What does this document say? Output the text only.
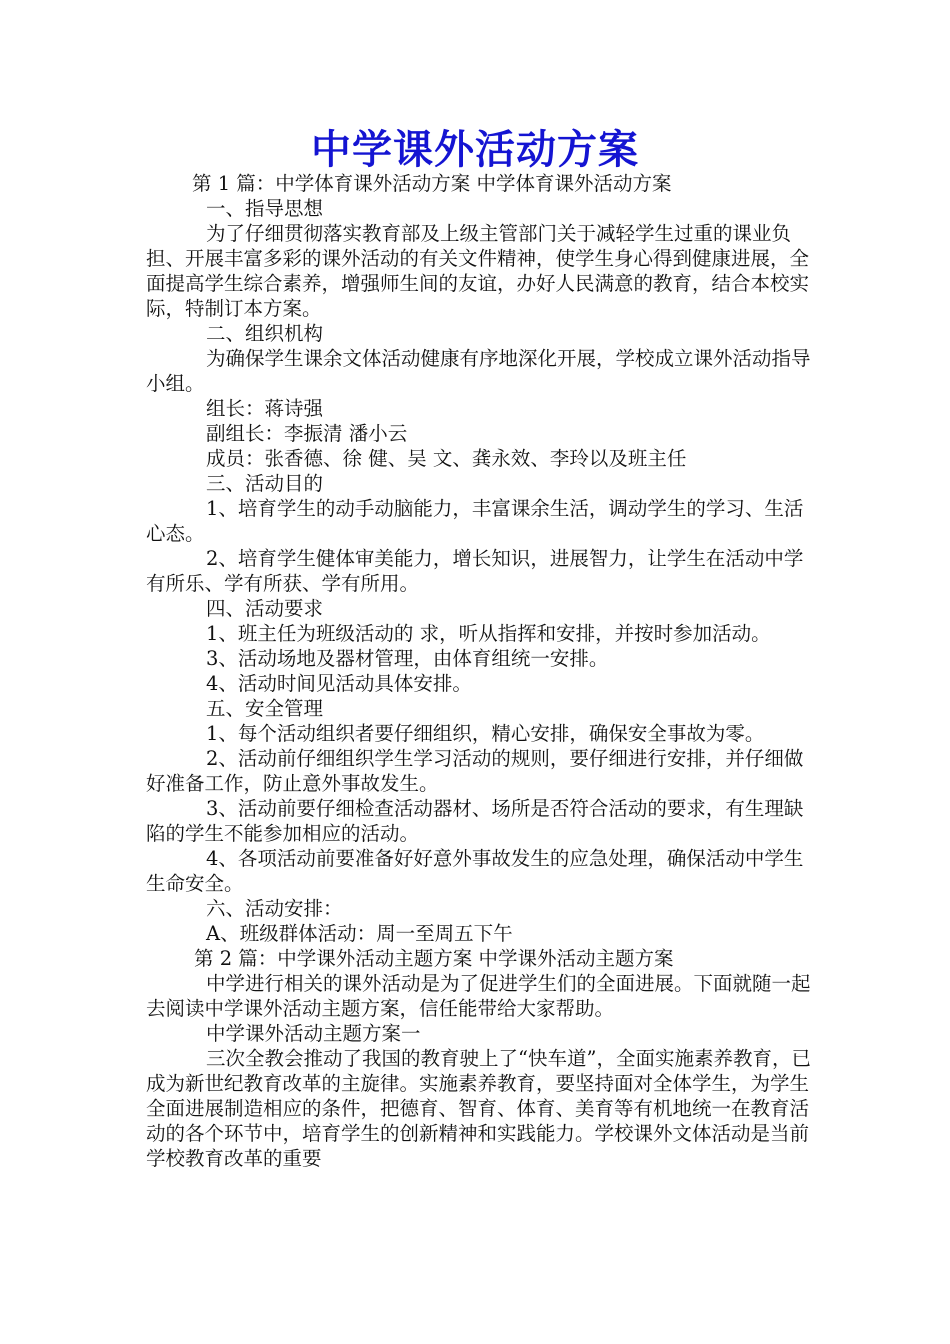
中学课外活动方案

第 1 篇：中学体育课外活动方案 中学体育课外活动方案

一、指导思想

为了仔细贯彻落实教育部及上级主管部门关于减轻学生过重的课业负担、开展丰富多彩的课外活动的有关文件精神，使学生身心得到健康进展，全面提高学生综合素养，增强师生间的友谊，办好人民满意的教育，结合本校实际，特制订本方案。

二、组织机构

为确保学生课余文体活动健康有序地深化开展，学校成立课外活动指导小组。

组长：蒋诗强

副组长：李振清 潘小云

成员：张香德、徐 健、吴 文、龚永效、李玲以及班主任

三、活动目的

1、培育学生的动手动脑能力，丰富课余生活，调动学生的学习、生活心态。

2、培育学生健体审美能力，增长知识，进展智力，让学生在活动中学有所乐、学有所获、学有所用。

四、活动要求

1、班主任为班级活动的 求，听从指挥和安排，并按时参加活动。

3、活动场地及器材管理，由体育组统一安排。

4、活动时间见活动具体安排。

五、安全管理

1、每个活动组织者要仔细组织，精心安排，确保安全事故为零。

2、活动前仔细组织学生学习活动的规则，要仔细进行安排，并仔细做好准备工作，防止意外事故发生。

3、活动前要仔细检查活动器材、场所是否符合活动的要求，有生理缺陷的学生不能参加相应的活动。

4、各项活动前要准备好好意外事故发生的应急处理，确保活动中学生生命安全。

六、活动安排：

A、班级群体活动：周一至周五下午

第 2 篇：中学课外活动主题方案 中学课外活动主题方案

中学进行相关的课外活动是为了促进学生们的全面进展。下面就随一起去阅读中学课外活动主题方案，信任能带给大家帮助。

中学课外活动主题方案一

三次全教会推动了我国的教育驶上了“快车道”，全面实施素养教育，已成为新世纪教育改革的主旋律。实施素养教育，要坚持面对全体学生，为学生全面进展制造相应的条件，把德育、智育、体育、美育等有机地统一在教育活动的各个环节中，培育学生的创新精神和实践能力。学校课外文体活动是当前学校教育改革的重要
